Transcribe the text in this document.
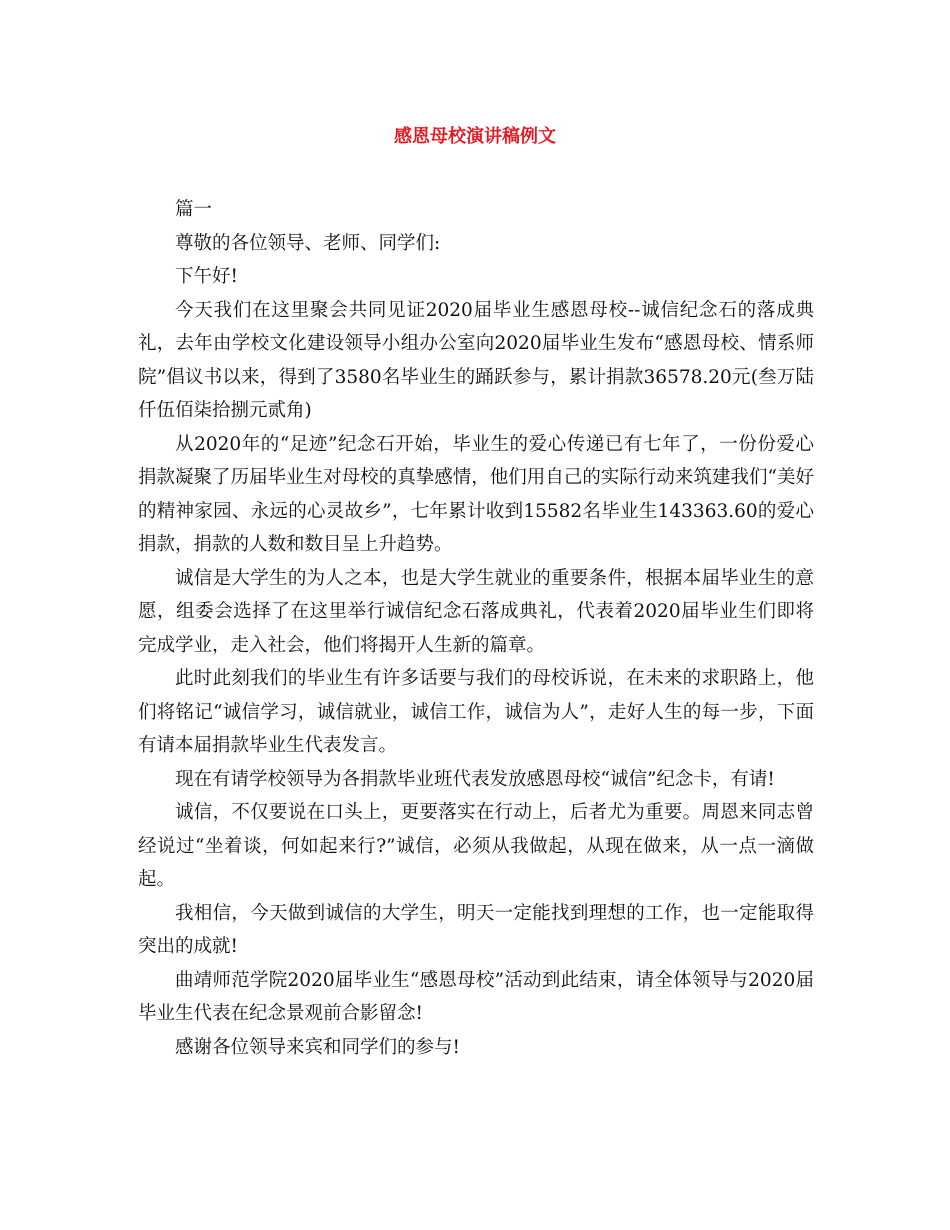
感恩母校演讲稿例文

篇一

尊敬的各位领导、老师、同学们:

下午好!

今天我们在这里聚会共同见证2020届毕业生感恩母校--诚信纪念石的落成典礼，去年由学校文化建设领导小组办公室向2020届毕业生发布“感恩母校、情系师院”倡议书以来，得到了3580名毕业生的踊跃参与，累计捐款36578.20元(叁万陆仟伍佰柒拾捌元贰角)

从2020年的“足迹”纪念石开始，毕业生的爱心传递已有七年了，一份份爱心捐款凝聚了历届毕业生对母校的真挚感情，他们用自己的实际行动来筑建我们“美好的精神家园、永远的心灵故乡”，七年累计收到15582名毕业生143363.60的爱心捐款，捐款的人数和数目呈上升趋势。

诚信是大学生的为人之本，也是大学生就业的重要条件，根据本届毕业生的意愿，组委会选择了在这里举行诚信纪念石落成典礼，代表着2020届毕业生们即将完成学业，走入社会，他们将揭开人生新的篇章。

此时此刻我们的毕业生有许多话要与我们的母校诉说，在未来的求职路上，他们将铭记“诚信学习，诚信就业，诚信工作，诚信为人”，走好人生的每一步，下面有请本届捐款毕业生代表发言。

现在有请学校领导为各捐款毕业班代表发放感恩母校“诚信”纪念卡，有请!

诚信，不仅要说在口头上，更要落实在行动上，后者尤为重要。周恩来同志曾经说过“坐着谈，何如起来行?”诚信，必须从我做起，从现在做来，从一点一滴做起。

我相信，今天做到诚信的大学生，明天一定能找到理想的工作，也一定能取得突出的成就!

曲靖师范学院2020届毕业生“感恩母校”活动到此结束，请全体领导与2020届毕业生代表在纪念景观前合影留念!

感谢各位领导来宾和同学们的参与!
